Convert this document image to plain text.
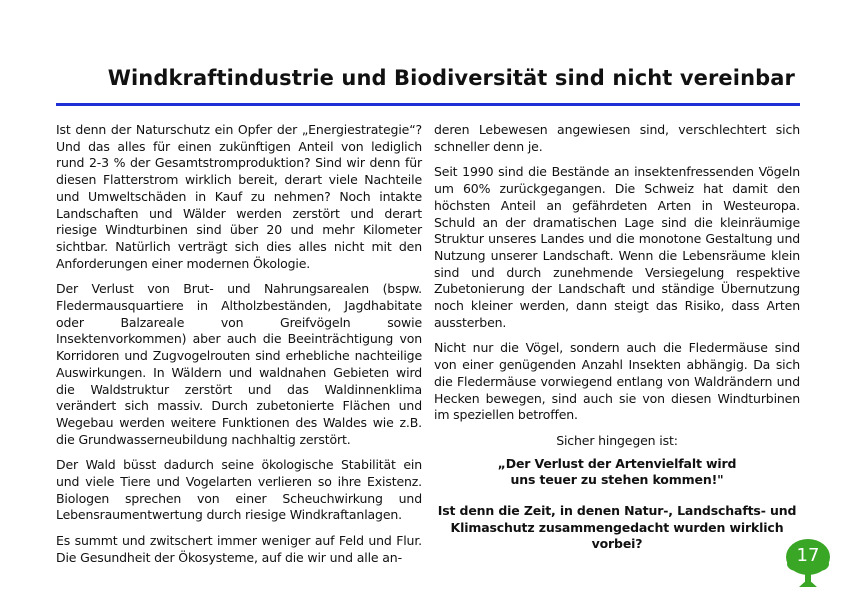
Windkraftindustrie und Biodiversität sind nicht vereinbar

Ist denn der Naturschutz ein Opfer der „Energiestrategie“? Und das alles für einen zukünftigen Anteil von lediglich rund 2-3 % der Gesamtstromproduktion? Sind wir denn für diesen Flatterstrom wirklich bereit, derart viele Nachteile und Umweltschäden in Kauf zu nehmen? Noch intakte Landschaften und Wälder werden zerstört und derart riesige Windturbinen sind über 20 und mehr Kilometer sichtbar. Natürlich verträgt sich dies alles nicht mit den Anforderungen einer modernen Ökologie.

Der Verlust von Brut- und Nahrungsarealen (bspw. Fledermausquartiere in Altholzbeständen, Jagdhabitate oder Balzareale von Greifvögeln sowie Insektenvorkommen) aber auch die Beeinträchtigung von Korridoren und Zugvogelrouten sind erhebliche nachteilige Auswirkungen. In Wäldern und waldnahen Gebieten wird die Waldstruktur zerstört und das Waldinnenklima verändert sich massiv. Durch zubetonierte Flächen und Wegebau werden weitere Funktionen des Waldes wie z.B. die Grundwasserneubildung nachhaltig zerstört.

Der Wald büsst dadurch seine ökologische Stabilität ein und viele Tiere und Vogelarten verlieren so ihre Existenz. Biologen sprechen von einer Scheuchwirkung und Lebensraumentwertung durch riesige Windkraftanlagen.

Es summt und zwitschert immer weniger auf Feld und Flur. Die Gesundheit der Ökosysteme, auf die wir und alle an-

deren Lebewesen angewiesen sind, verschlechtert sich schneller denn je.

Seit 1990 sind die Bestände an insektenfressenden Vögeln um 60% zurückgegangen. Die Schweiz hat damit den höchsten Anteil an gefährdeten Arten in Westeuropa. Schuld an der dramatischen Lage sind die kleinräumige Struktur unseres Landes und die monotone Gestaltung und Nutzung unserer Landschaft. Wenn die Lebensräume klein sind und durch zunehmende Versiegelung respektive Zubetonierung der Landschaft und ständige Übernutzung noch kleiner werden, dann steigt das Risiko, dass Arten aussterben.

Nicht nur die Vögel, sondern auch die Fledermäuse sind von einer genügenden Anzahl Insekten abhängig. Da sich die Fledermäuse vorwiegend entlang von Waldrändern und Hecken bewegen, sind auch sie von diesen Windturbinen im speziellen betroffen.

Sicher hingegen ist:

„Der Verlust der Artenvielfalt wird
uns teuer zu stehen kommen!"
Ist denn die Zeit, in denen Natur-, Landschafts- und
Klimaschutz zusammengedacht wurden wirklich vorbei?
17
